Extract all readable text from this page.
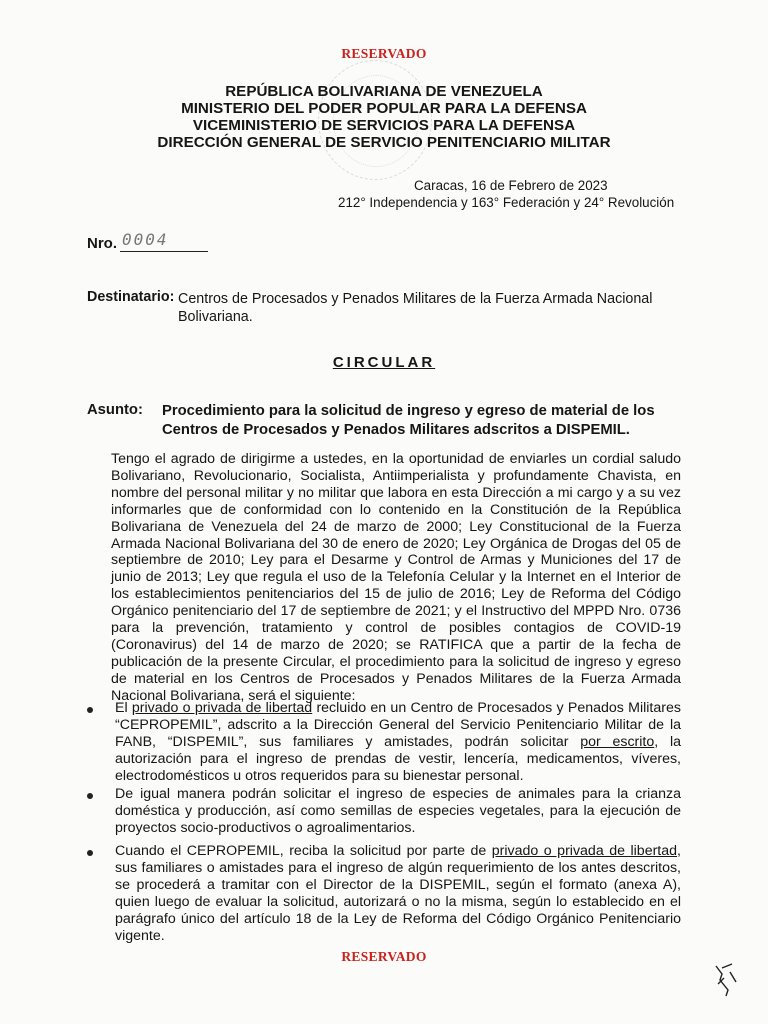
RESERVADO
REPÚBLICA BOLIVARIANA DE VENEZUELA
MINISTERIO DEL PODER POPULAR PARA LA DEFENSA
VICEMINISTERIO DE SERVICIOS PARA LA DEFENSA
DIRECCIÓN GENERAL DE SERVICIO PENITENCIARIO MILITAR
Caracas, 16 de Febrero de 2023
212° Independencia y 163° Federación y 24° Revolución
Nro. 0004
Destinatario: Centros de Procesados y Penados Militares de la Fuerza Armada Nacional
Bolivariana.
CIRCULAR
Asunto: Procedimiento para la solicitud de ingreso y egreso de material de los
Centros de Procesados y Penados Militares adscritos a DISPEMIL.
Tengo el agrado de dirigirme a ustedes, en la oportunidad de enviarles un cordial saludo Bolivariano, Revolucionario, Socialista, Antiimperialista y profundamente Chavista, en nombre del personal militar y no militar que labora en esta Dirección a mi cargo y a su vez informarles que de conformidad con lo contenido en la Constitución de la República Bolivariana de Venezuela del 24 de marzo de 2000; Ley Constitucional de la Fuerza Armada Nacional Bolivariana del 30 de enero de 2020; Ley Orgánica de Drogas del 05 de septiembre de 2010; Ley para el Desarme y Control de Armas y Municiones del 17 de junio de 2013; Ley que regula el uso de la Telefonía Celular y la Internet en el Interior de los establecimientos penitenciarios del 15 de julio de 2016; Ley de Reforma del Código Orgánico penitenciario del 17 de septiembre de 2021; y el Instructivo del MPPD Nro. 0736 para la prevención, tratamiento y control de posibles contagios de COVID-19 (Coronavirus) del 14 de marzo de 2020; se RATIFICA que a partir de la fecha de publicación de la presente Circular, el procedimiento para la solicitud de ingreso y egreso de material en los Centros de Procesados y Penados Militares de la Fuerza Armada Nacional Bolivariana, será el siguiente:
El privado o privada de libertad recluido en un Centro de Procesados y Penados Militares “CEPROPEMIL”, adscrito a la Dirección General del Servicio Penitenciario Militar de la FANB, “DISPEMIL”, sus familiares y amistades, podrán solicitar por escrito, la autorización para el ingreso de prendas de vestir, lencería, medicamentos, víveres, electrodomésticos u otros requeridos para su bienestar personal.
De igual manera podrán solicitar el ingreso de especies de animales para la crianza doméstica y producción, así como semillas de especies vegetales, para la ejecución de proyectos socio-productivos o agroalimentarios.
Cuando el CEPROPEMIL, reciba la solicitud por parte de privado o privada de libertad, sus familiares o amistades para el ingreso de algún requerimiento de los antes descritos, se procederá a tramitar con el Director de la DISPEMIL, según el formato (anexa A), quien luego de evaluar la solicitud, autorizará o no la misma, según lo establecido en el parágrafo único del artículo 18 de la Ley de Reforma del Código Orgánico Penitenciario vigente.
RESERVADO
